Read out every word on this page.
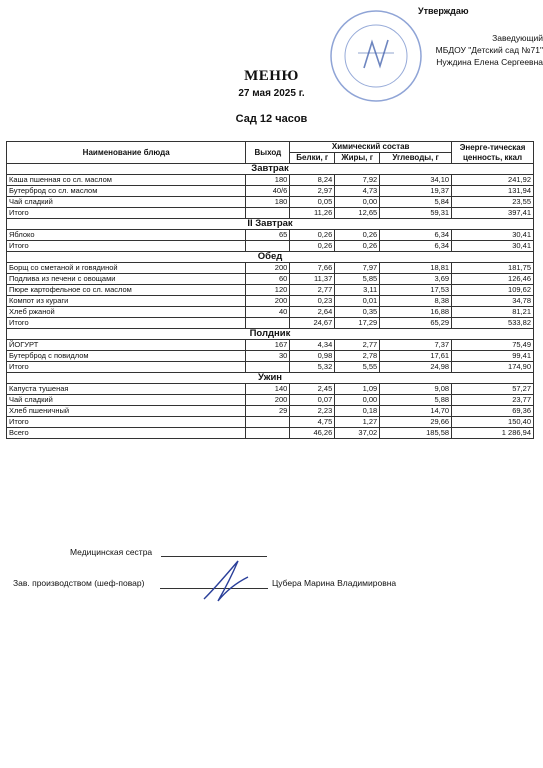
Утверждаю
Заведующий
МБДОУ "Детский сад №71"
Нуждина Елена Сергеевна
МЕНЮ
27 мая 2025 г.
Сад 12 часов
Наименование блюда	Выход	Химический состав			Энерге-тическая ценность, ккал
		Белки, г	Жиры, г	Углеводы, г	
Завтрак					
Каша пшенная со сл. маслом	180	8,24	7,92	34,10	241,92
Бутерброд со сл. маслом	40/6	2,97	4,73	19,37	131,94
Чай сладкий	180	0,05	0,00	5,84	23,55
Итого		11,26	12,65	59,31	397,41
II Завтрак					
Яблоко	65	0,26	0,26	6,34	30,41
Итого		0,26	0,26	6,34	30,41
Обед					
Борщ со сметаной и говядиной	200	7,66	7,97	18,81	181,75
Подлива из печени с овощами	60	11,37	5,85	3,69	126,46
Пюре картофельное со сл. маслом	120	2,77	3,11	17,53	109,62
Компот из кураги	200	0,23	0,01	8,38	34,78
Хлеб ржаной	40	2,64	0,35	16,88	81,21
Итого		24,67	17,29	65,29	533,82
Полдник					
ЙОГУРТ	167	4,34	2,77	7,37	75,49
Бутерброд с повидлом	30	0,98	2,78	17,61	99,41
Итого		5,32	5,55	24,98	174,90
Ужин					
Капуста тушеная	140	2,45	1,09	9,08	57,27
Чай сладкий	200	0,07	0,00	5,88	23,77
Хлеб пшеничный	29	2,23	0,18	14,70	69,36
Итого		4,75	1,27	29,66	150,40
Всего		46,26	37,02	185,58	1 286,94
Медицинская сестра
Зав. производством (шеф-повар)	Цубера Марина Владимировна
